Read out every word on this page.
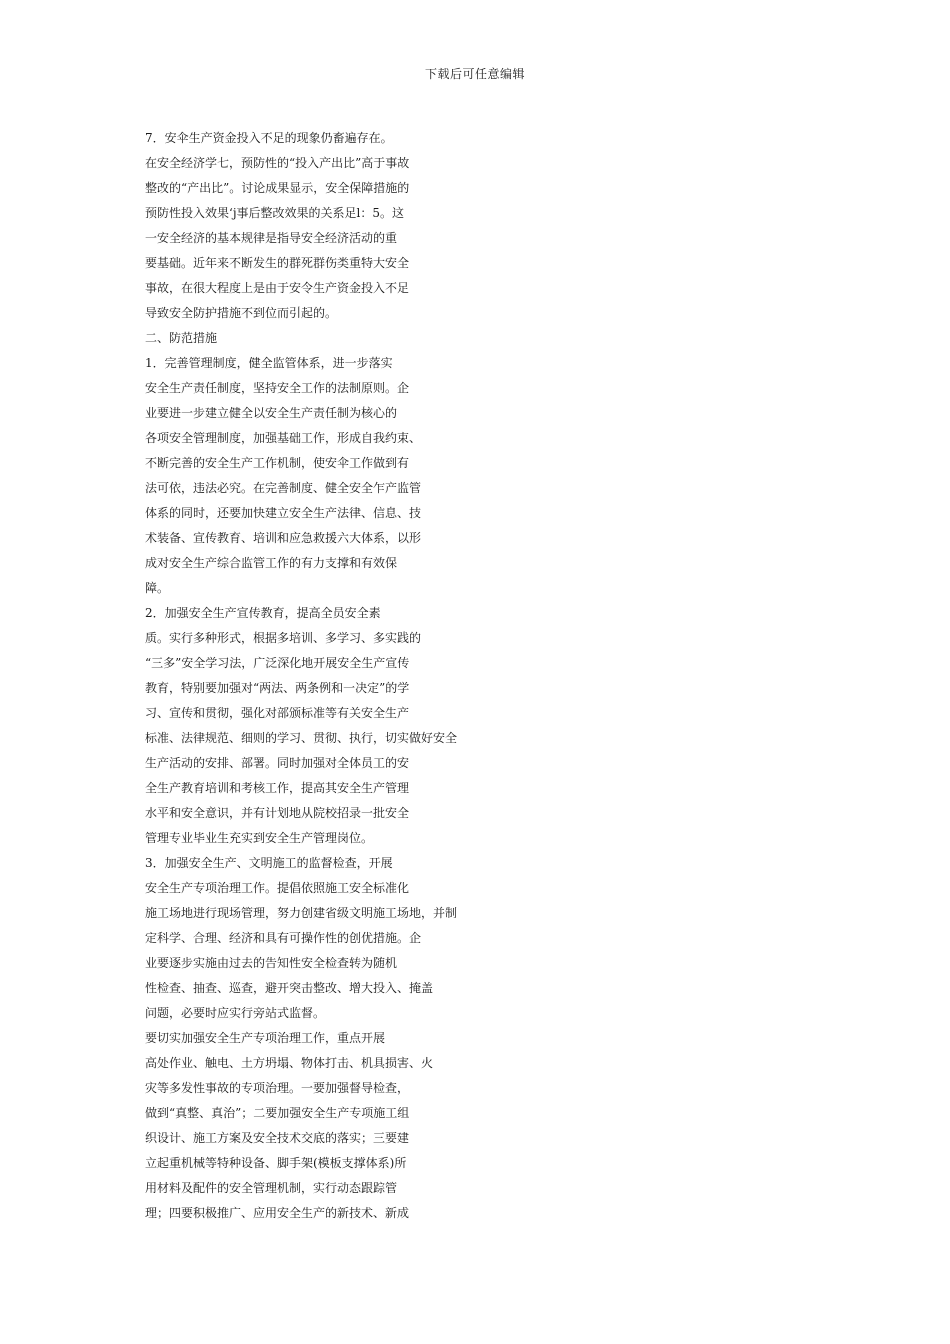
下载后可任意编辑
7．安伞生产资金投入不足的现象仍畜遍存在。
在安全经济学七，预防性的“投入产出比”高于事故
整改的“产出比”。讨论成果显示，安全保障措施的
预防性投入效果‘j事后整改效果的关系足l：5。这
一安全经济的基本规律是指导安全经济活动的重
要基础。近年来不断发生的群死群伤类重特大安全
事故，在很大程度上是由于安令生产资金投入不足
导致安全防护措施不到位而引起的。
二、防范措施
1．完善管理制度，健全监管体系，进一步落实
安全生产责任制度，坚持安全工作的法制原则。企
业要进一步建立健全以安全生产责任制为核心的
各项安全管理制度，加强基础工作，形成自我约束、
不断完善的安全生产工作机制，使安伞工作做到有
法可依，违法必究。在完善制度、健全安全乍产监管
体系的同时，还要加快建立安全生产法律、信息、技
术装备、宣传教育、培训和应急救援六大体系，以形
成对安全生产综合监管工作的有力支撑和有效保
障。
2．加强安全生产宣传教育，提高全员安全素
质。实行多种形式，根据多培训、多学习、多实践的
“三多”安全学习法，广泛深化地开展安全生产宣传
教育，特别要加强对“两法、两条例和一决定”的学
习、宣传和贯彻，强化对部颁标准等有关安全生产
标准、法律规范、细则的学习、贯彻、执行，切实做好安全
生产活动的安排、部署。同时加强对全体员工的安
全生产教育培训和考核工作，提高其安全生产管理
水平和安全意识，并有计划地从院校招录一批安全
管理专业毕业生充实到安全生产管理岗位。
3．加强安全生产、文明施工的监督检查，开展
安全生产专项治理工作。提倡依照施工安全标准化
施工场地进行现场管理，努力创建省级文明施工场地，并制
定科学、合理、经济和具有可操作性的创优措施。企
业要逐步实施由过去的告知性安全检查转为随机
性检查、抽查、巡查，避开突击整改、增大投入、掩盖
问题，必要时应实行旁站式监督。
要切实加强安全生产专项治理工作，重点开展
高处作业、触电、土方坍塌、物体打击、机具损害、火
灾等多发性事故的专项治理。一要加强督导检查，
做到“真整、真治”；二要加强安全生产专项施工组
织设计、施工方案及安全技术交底的落实；三要建
立起重机械等特种设备、脚手架(模板支撑体系)所
用材料及配件的安全管理机制，实行动态跟踪管
理；四要积极推广、应用安全生产的新技术、新成
